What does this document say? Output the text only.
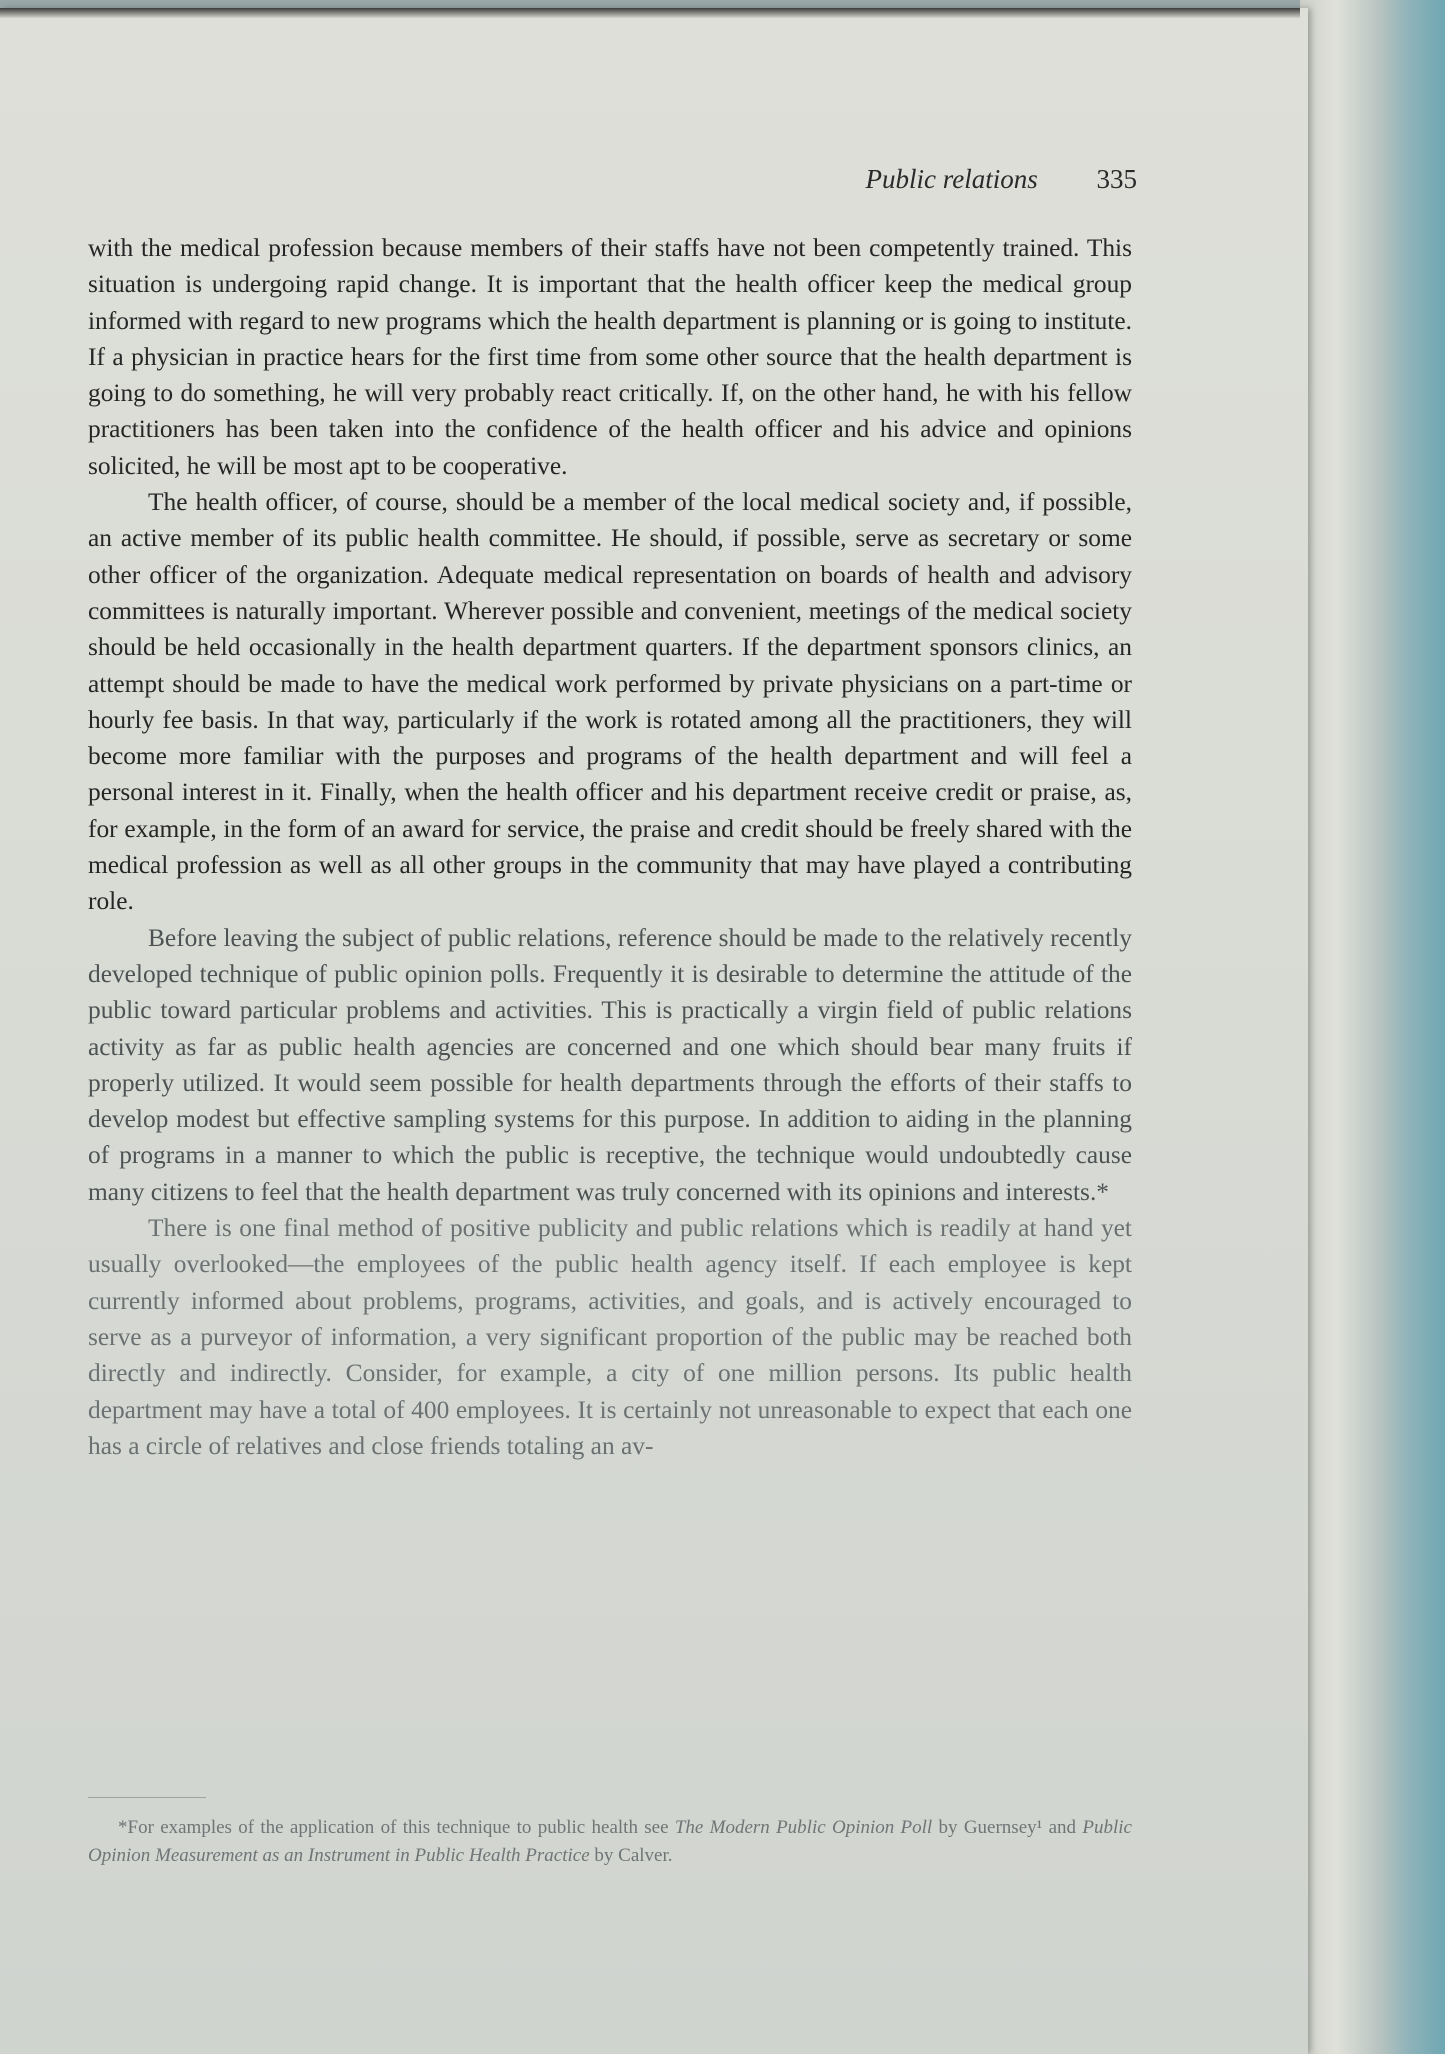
Public relations 335

with the medical profession because members of their staffs have not been competently trained. This situation is undergoing rapid change. It is important that the health officer keep the medical group informed with regard to new programs which the health department is planning or is going to institute. If a physician in practice hears for the first time from some other source that the health department is going to do something, he will very probably react critically. If, on the other hand, he with his fellow practitioners has been taken into the confidence of the health officer and his advice and opinions solicited, he will be most apt to be cooperative.

The health officer, of course, should be a member of the local medical society and, if possible, an active member of its public health committee. He should, if possible, serve as secretary or some other officer of the organization. Adequate medical representation on boards of health and advisory committees is naturally important. Wherever possible and convenient, meetings of the medical society should be held occasionally in the health department quarters. If the department sponsors clinics, an attempt should be made to have the medical work performed by private physicians on a part-time or hourly fee basis. In that way, particularly if the work is rotated among all the practitioners, they will become more familiar with the purposes and programs of the health department and will feel a personal interest in it. Finally, when the health officer and his department receive credit or praise, as, for example, in the form of an award for service, the praise and credit should be freely shared with the medical profession as well as all other groups in the community that may have played a contributing role.

Before leaving the subject of public relations, reference should be made to the relatively recently developed technique of public opinion polls. Frequently it is desirable to determine the attitude of the public toward particular problems and activities. This is practically a virgin field of public relations activity as far as public health agencies are concerned and one which should bear many fruits if properly utilized. It would seem possible for health departments through the efforts of their staffs to develop modest but effective sampling systems for this purpose. In addition to aiding in the planning of programs in a manner to which the public is receptive, the technique would undoubtedly cause many citizens to feel that the health department was truly concerned with its opinions and interests.*

There is one final method of positive publicity and public relations which is readily at hand yet usually overlooked—the employees of the public health agency itself. If each employee is kept currently informed about problems, programs, activities, and goals, and is actively encouraged to serve as a purveyor of information, a very significant proportion of the public may be reached both directly and indirectly. Consider, for example, a city of one million persons. Its public health department may have a total of 400 employees. It is certainly not unreasonable to expect that each one has a circle of relatives and close friends totaling an av-

*For examples of the application of this technique to public health see The Modern Public Opinion Poll by Guernsey¹ and Public Opinion Measurement as an Instrument in Public Health Practice by Calver.
